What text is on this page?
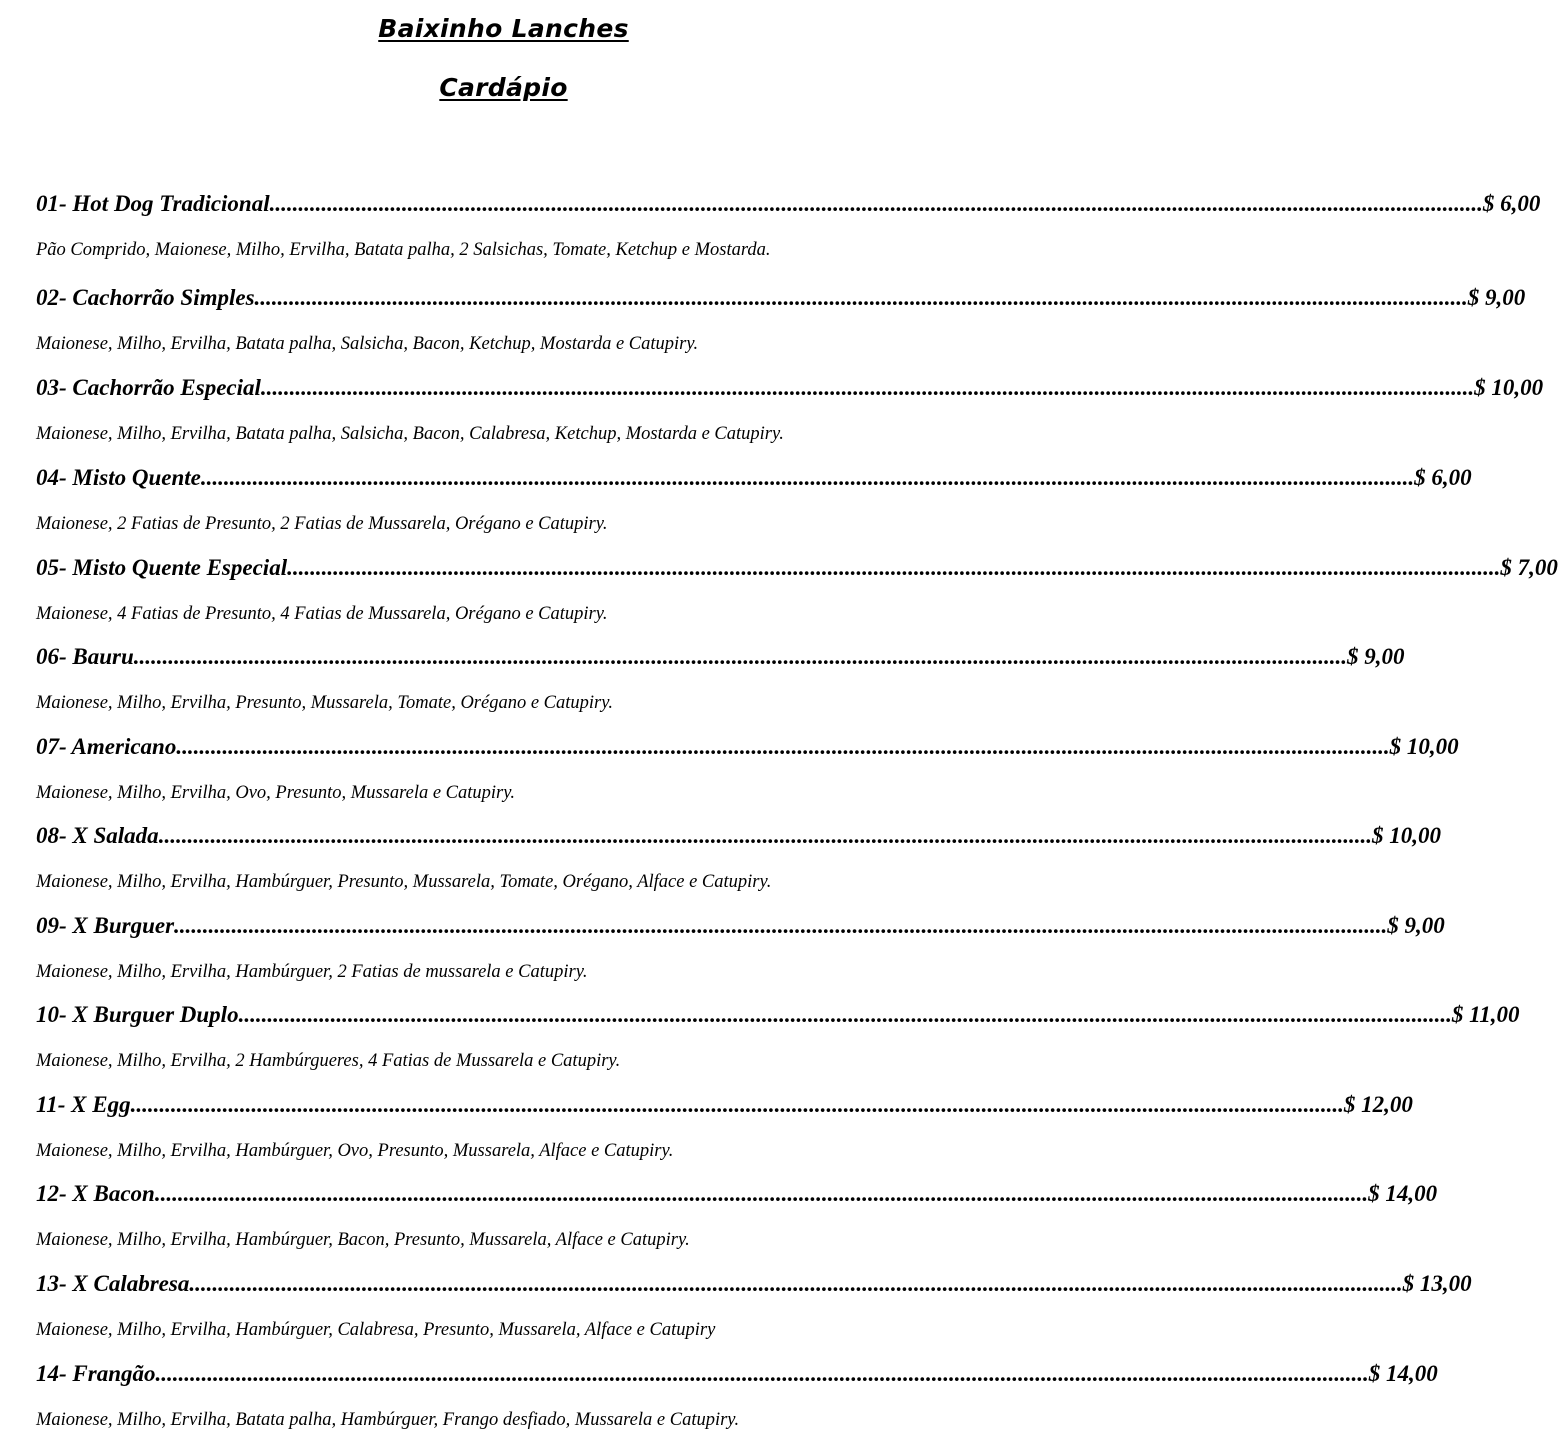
Baixinho Lanches
Cardápio
01- Hot Dog Tradicional ................................................................................................................................................................................................................... $ 6,00
Pão Comprido, Maionese, Milho, Ervilha, Batata palha, 2 Salsichas, Tomate, Ketchup e Mostarda.
02- Cachorrão Simples ................................................................................................................................................................................................................... $ 9,00
Maionese, Milho, Ervilha, Batata palha, Salsicha, Bacon, Ketchup, Mostarda e Catupiry.
03- Cachorrão Especial ................................................................................................................................................................................................................... $ 10,00
Maionese, Milho, Ervilha, Batata palha, Salsicha, Bacon, Calabresa, Ketchup, Mostarda e Catupiry.
04- Misto Quente ................................................................................................................................................................................................................... $ 6,00
Maionese, 2 Fatias de Presunto, 2 Fatias de Mussarela, Orégano e Catupiry.
05- Misto Quente Especial ................................................................................................................................................................................................................... $ 7,00
Maionese, 4 Fatias de Presunto, 4 Fatias de Mussarela, Orégano e Catupiry.
06- Bauru ................................................................................................................................................................................................................... $ 9,00
Maionese, Milho, Ervilha, Presunto, Mussarela, Tomate, Orégano e Catupiry.
07- Americano ................................................................................................................................................................................................................... $ 10,00
Maionese, Milho, Ervilha, Ovo, Presunto, Mussarela e Catupiry.
08- X Salada ................................................................................................................................................................................................................... $ 10,00
Maionese, Milho, Ervilha, Hambúrguer, Presunto, Mussarela, Tomate, Orégano, Alface e Catupiry.
09- X Burguer ................................................................................................................................................................................................................... $ 9,00
Maionese, Milho, Ervilha, Hambúrguer, 2 Fatias de mussarela e Catupiry.
10- X Burguer Duplo ................................................................................................................................................................................................................... $ 11,00
Maionese, Milho, Ervilha, 2 Hambúrgueres, 4 Fatias de Mussarela e Catupiry.
11- X Egg ................................................................................................................................................................................................................... $ 12,00
Maionese, Milho, Ervilha, Hambúrguer, Ovo, Presunto, Mussarela, Alface e Catupiry.
12- X Bacon ................................................................................................................................................................................................................... $ 14,00
Maionese, Milho, Ervilha, Hambúrguer, Bacon, Presunto, Mussarela, Alface e Catupiry.
13- X Calabresa ................................................................................................................................................................................................................... $ 13,00
Maionese, Milho, Ervilha, Hambúrguer, Calabresa, Presunto, Mussarela, Alface e Catupiry
14- Frangão ................................................................................................................................................................................................................... $ 14,00
Maionese, Milho, Ervilha, Batata palha, Hambúrguer, Frango desfiado, Mussarela e Catupiry.
